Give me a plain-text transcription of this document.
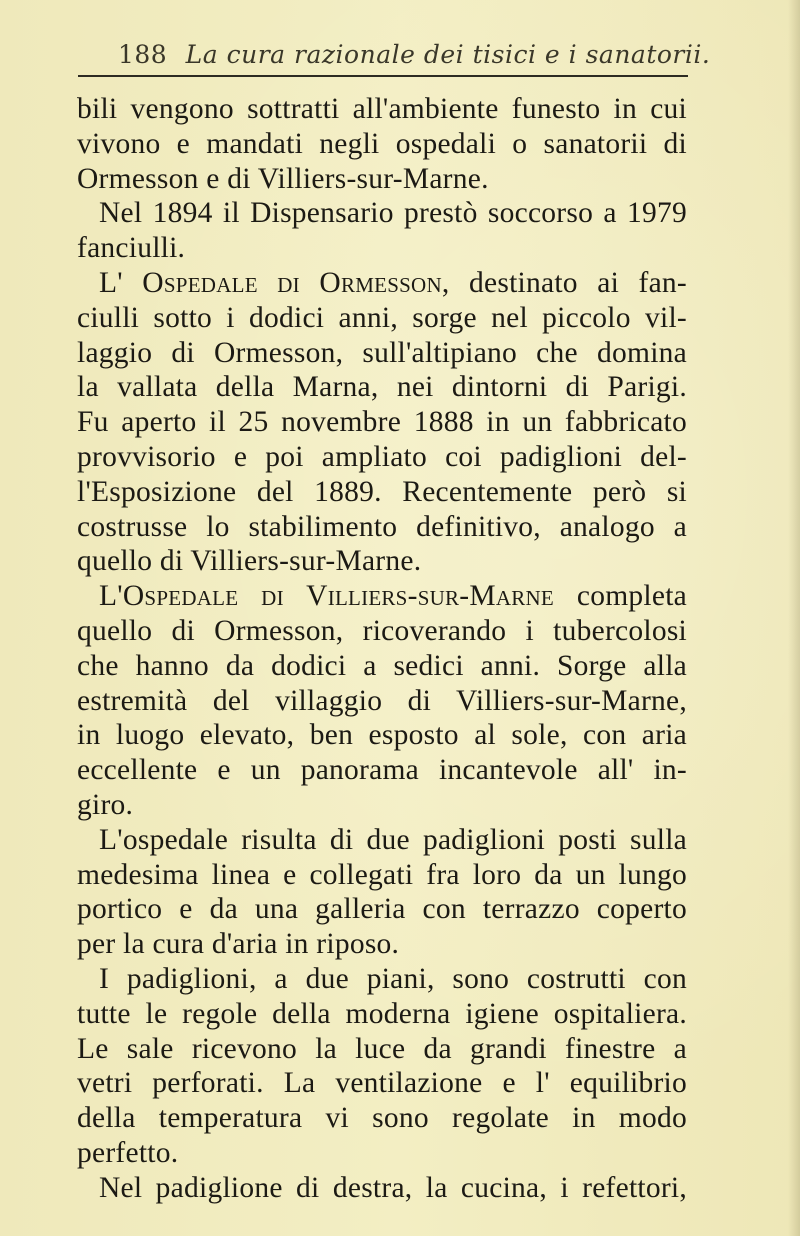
188 La cura razionale dei tisici e i sanatorii.
bili vengono sottratti all'ambiente funesto in cui
vivono e mandati negli ospedali o sanatorii di
Ormesson e di Villiers-sur-Marne.
Nel 1894 il Dispensario prestò soccorso a 1979
fanciulli.
L' Ospedale di Ormesson, destinato ai fan-
ciulli sotto i dodici anni, sorge nel piccolo vil-
laggio di Ormesson, sull'altipiano che domina
la vallata della Marna, nei dintorni di Parigi.
Fu aperto il 25 novembre 1888 in un fabbricato
provvisorio e poi ampliato coi padiglioni del-
l'Esposizione del 1889. Recentemente però si
costrusse lo stabilimento definitivo, analogo a
quello di Villiers-sur-Marne.
L'Ospedale di Villiers-sur-Marne completa
quello di Ormesson, ricoverando i tubercolosi
che hanno da dodici a sedici anni. Sorge alla
estremità del villaggio di Villiers-sur-Marne,
in luogo elevato, ben esposto al sole, con aria
eccellente e un panorama incantevole all' in-
giro.
L'ospedale risulta di due padiglioni posti sulla
medesima linea e collegati fra loro da un lungo
portico e da una galleria con terrazzo coperto
per la cura d'aria in riposo.
I padiglioni, a due piani, sono costrutti con
tutte le regole della moderna igiene ospitaliera.
Le sale ricevono la luce da grandi finestre a
vetri perforati. La ventilazione e l' equilibrio
della temperatura vi sono regolate in modo
perfetto.
Nel padiglione di destra, la cucina, i refettori,
